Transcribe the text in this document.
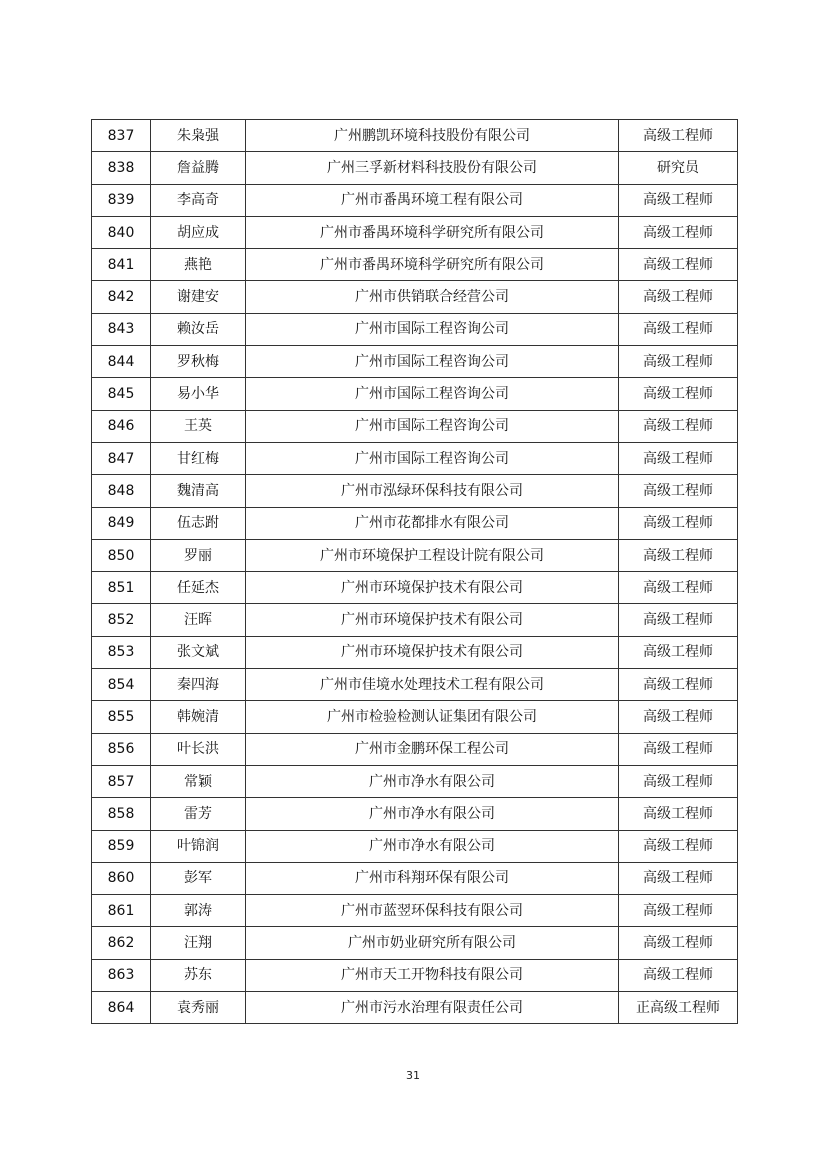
837	朱枭强	广州鹏凯环境科技股份有限公司	高级工程师
838	詹益腾	广州三孚新材料科技股份有限公司	研究员
839	李高奇	广州市番禺环境工程有限公司	高级工程师
840	胡应成	广州市番禺环境科学研究所有限公司	高级工程师
841	燕艳	广州市番禺环境科学研究所有限公司	高级工程师
842	谢建安	广州市供销联合经营公司	高级工程师
843	赖汝岳	广州市国际工程咨询公司	高级工程师
844	罗秋梅	广州市国际工程咨询公司	高级工程师
845	易小华	广州市国际工程咨询公司	高级工程师
846	王英	广州市国际工程咨询公司	高级工程师
847	甘红梅	广州市国际工程咨询公司	高级工程师
848	魏清高	广州市泓绿环保科技有限公司	高级工程师
849	伍志跗	广州市花都排水有限公司	高级工程师
850	罗丽	广州市环境保护工程设计院有限公司	高级工程师
851	任延杰	广州市环境保护技术有限公司	高级工程师
852	汪晖	广州市环境保护技术有限公司	高级工程师
853	张文斌	广州市环境保护技术有限公司	高级工程师
854	秦四海	广州市佳境水处理技术工程有限公司	高级工程师
855	韩婉清	广州市检验检测认证集团有限公司	高级工程师
856	叶长洪	广州市金鹏环保工程公司	高级工程师
857	常颖	广州市净水有限公司	高级工程师
858	雷芳	广州市净水有限公司	高级工程师
859	叶锦润	广州市净水有限公司	高级工程师
860	彭军	广州市科翔环保有限公司	高级工程师
861	郭涛	广州市蓝翌环保科技有限公司	高级工程师
862	汪翔	广州市奶业研究所有限公司	高级工程师
863	苏东	广州市天工开物科技有限公司	高级工程师
864	袁秀丽	广州市污水治理有限责任公司	正高级工程师
31
